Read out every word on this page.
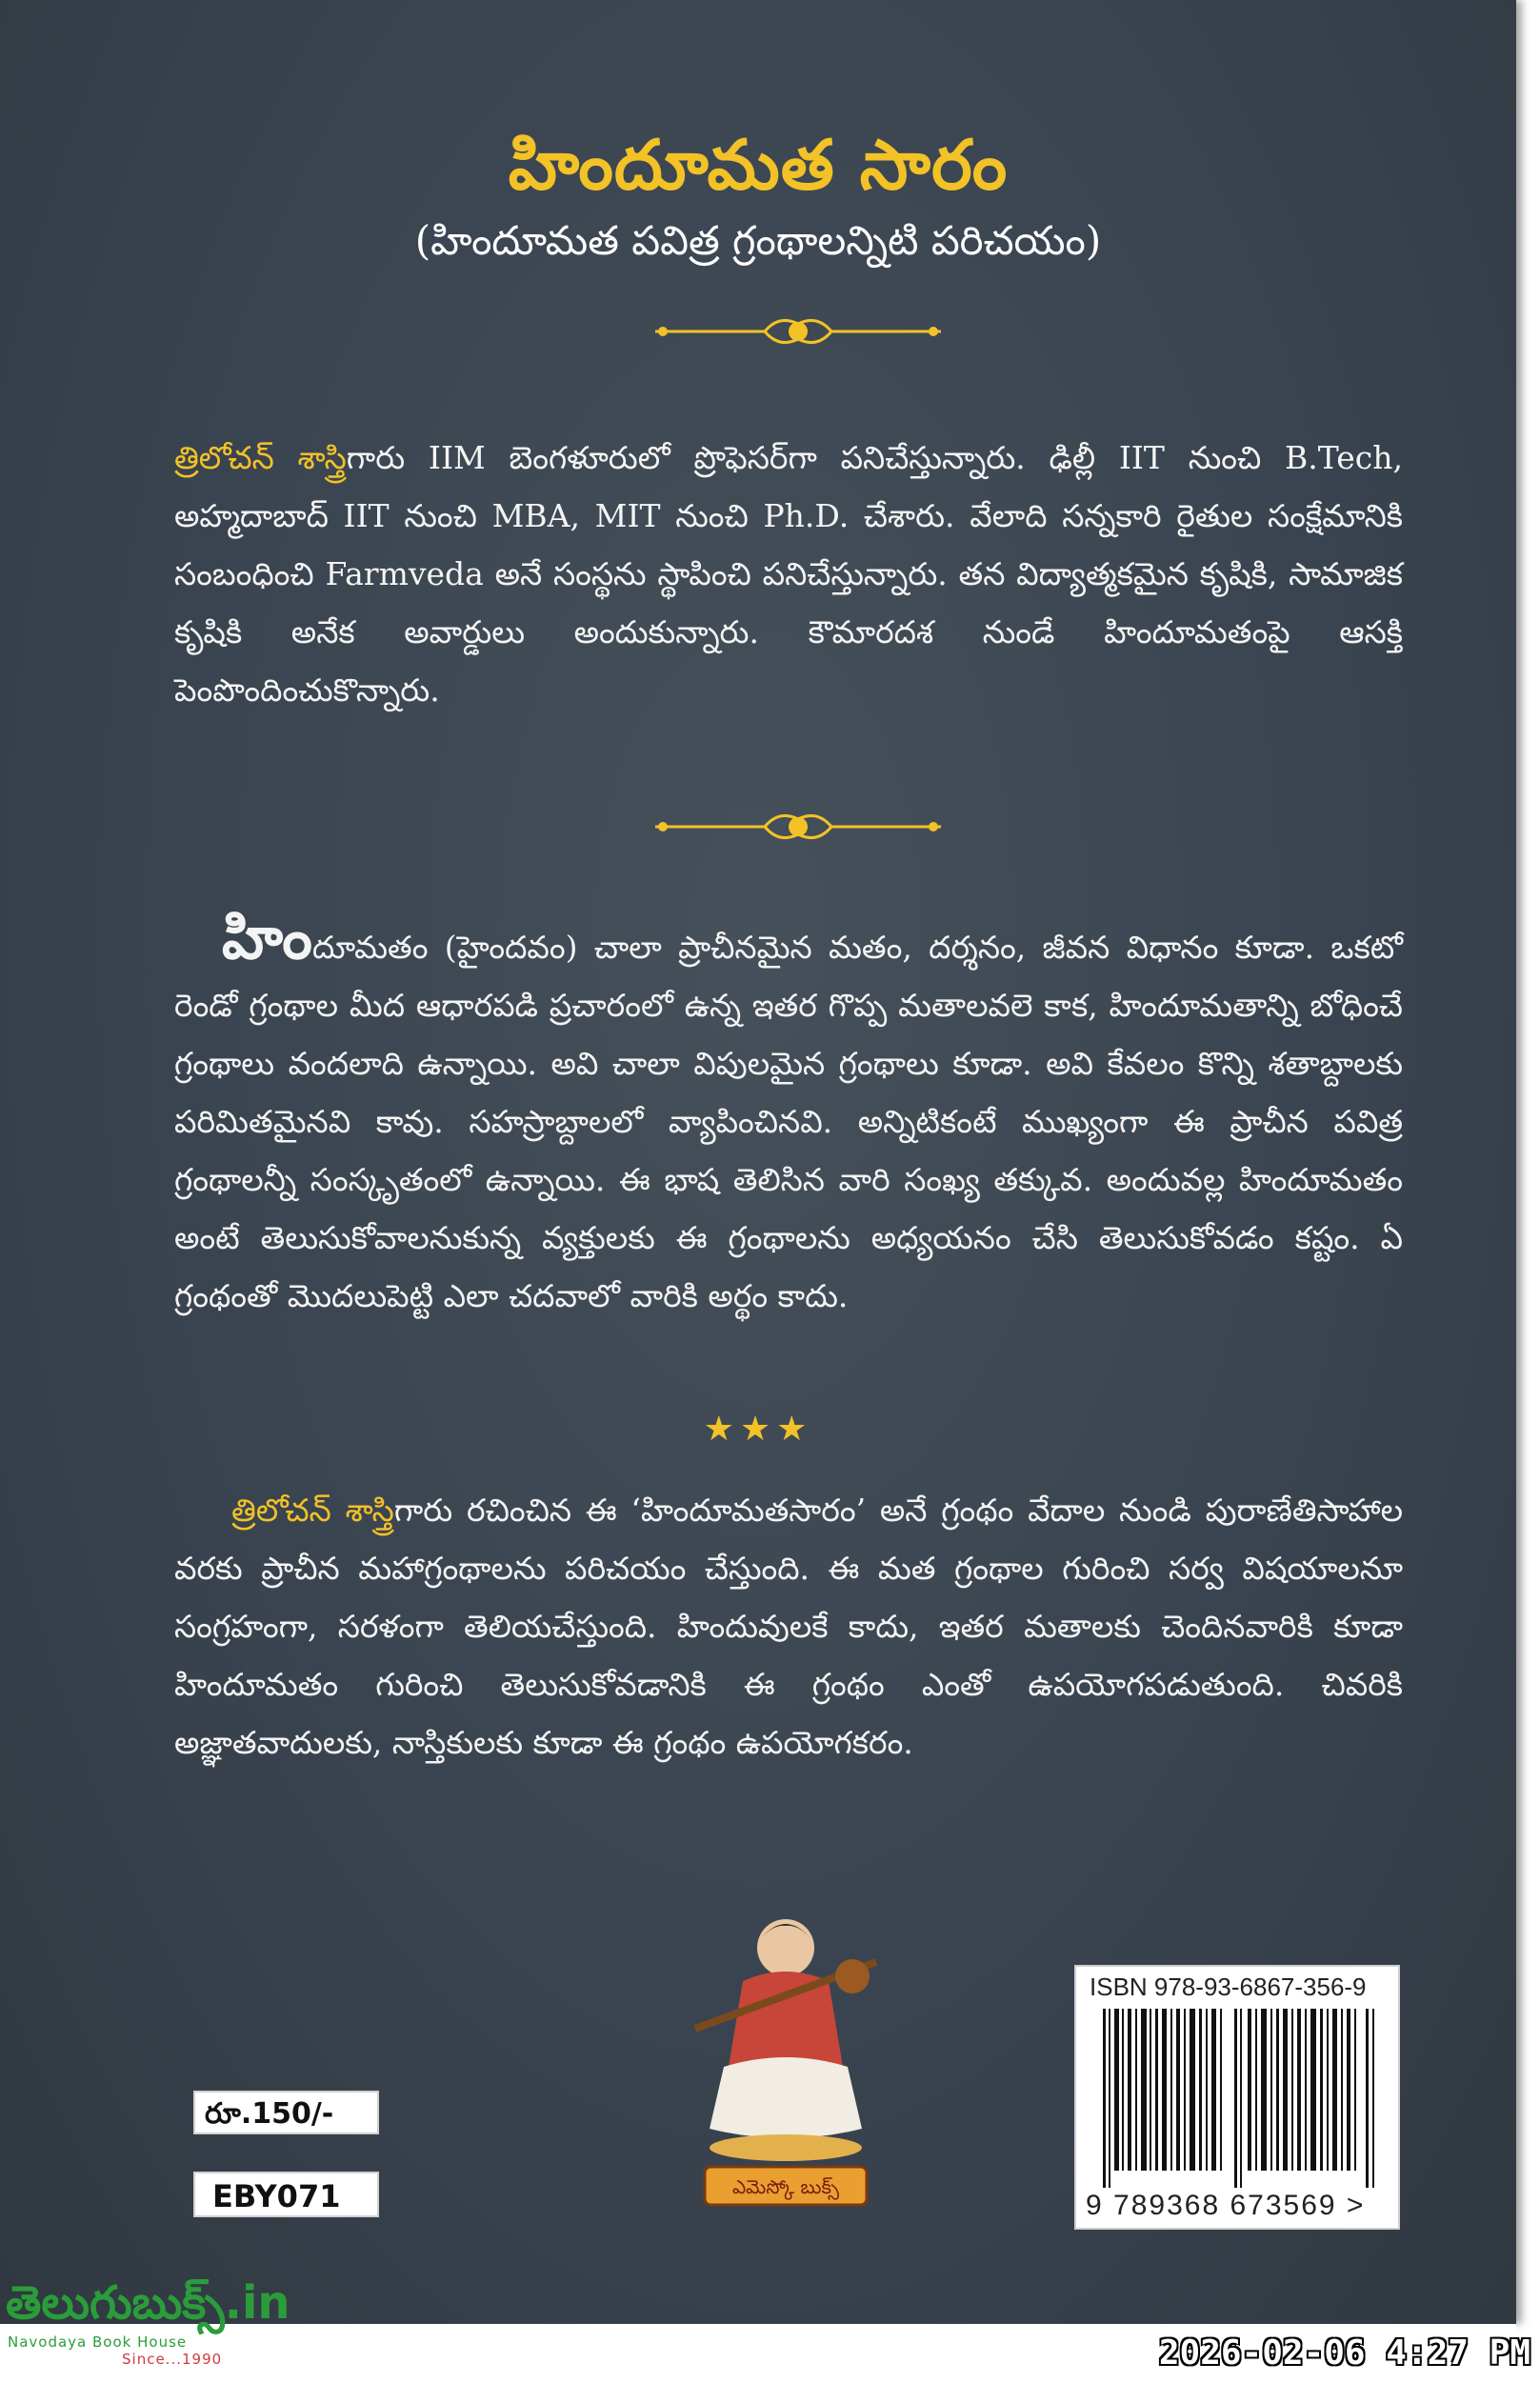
హిందూమత సారం
(హిందూమత పవిత్ర గ్రంథాలన్నిటి పరిచయం)
త్రిలోచన్ శాస్త్రిగారు IIM బెంగళూరులో ప్రొఫెసర్‌గా పనిచేస్తున్నారు. ఢిల్లీ IIT నుంచి B.Tech, అహ్మదాబాద్ IIT నుంచి MBA, MIT నుంచి Ph.D. చేశారు. వేలాది సన్నకారి రైతుల సంక్షేమానికి సంబంధించి Farmveda అనే సంస్థను స్థాపించి పనిచేస్తున్నారు. తన విద్యాత్మకమైన కృషికి, సామాజిక కృషికి అనేక అవార్డులు అందుకున్నారు. కౌమారదశ నుండే హిందూమతంపై ఆసక్తి పెంపొందించుకొన్నారు.
హిందూమతం (హైందవం) చాలా ప్రాచీనమైన మతం, దర్శనం, జీవన విధానం కూడా. ఒకటో రెండో గ్రంథాల మీద ఆధారపడి ప్రచారంలో ఉన్న ఇతర గొప్ప మతాలవలె కాక, హిందూమతాన్ని బోధించే గ్రంథాలు వందలాది ఉన్నాయి. అవి చాలా విపులమైన గ్రంథాలు కూడా. అవి కేవలం కొన్ని శతాబ్దాలకు పరిమితమైనవి కావు. సహస్రాబ్దాలలో వ్యాపించినవి. అన్నిటికంటే ముఖ్యంగా ఈ ప్రాచీన పవిత్ర గ్రంథాలన్నీ సంస్కృతంలో ఉన్నాయి. ఈ భాష తెలిసిన వారి సంఖ్య తక్కువ. అందువల్ల హిందూమతం అంటే తెలుసుకోవాలనుకున్న వ్యక్తులకు ఈ గ్రంథాలను అధ్యయనం చేసి తెలుసుకోవడం కష్టం. ఏ గ్రంథంతో మొదలుపెట్టి ఎలా చదవాలో వారికి అర్థం కాదు.
★★★
త్రిలోచన్ శాస్త్రిగారు రచించిన ఈ ‘హిందూమతసారం’ అనే గ్రంథం వేదాల నుండి పురాణేతిసాహాల వరకు ప్రాచీన మహాగ్రంథాలను పరిచయం చేస్తుంది. ఈ మత గ్రంథాల గురించి సర్వ విషయాలనూ సంగ్రహంగా, సరళంగా తెలియచేస్తుంది. హిందువులకే కాదు, ఇతర మతాలకు చెందినవారికి కూడా హిందూమతం గురించి తెలుసుకోవడానికి ఈ గ్రంథం ఎంతో ఉపయోగపడుతుంది. చివరికి అజ్ఞాతవాదులకు, నాస్తికులకు కూడా ఈ గ్రంథం ఉపయోగకరం.
ఎమెస్కో బుక్స్
రూ.150/-
EBY071
ISBN 978-93-6867-356-9
9 789368 673569 >
తెలుగుబుక్స్.in
Navodaya Book House
Since...1990	2026-02-06 4:27 PM
